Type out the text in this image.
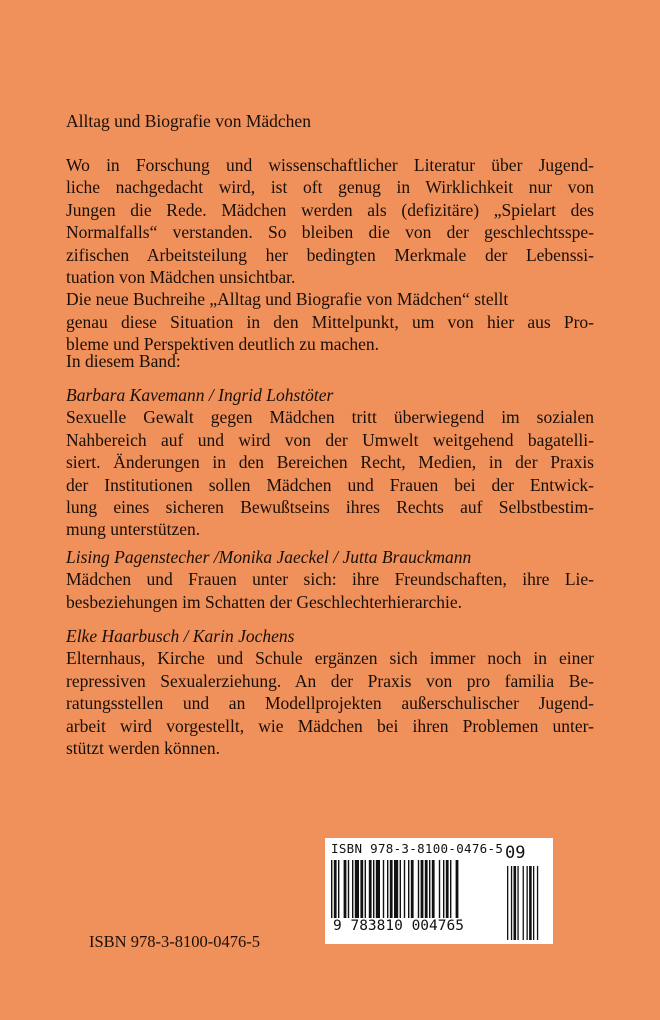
Alltag und Biografie von Mädchen
Wo in Forschung und wissenschaftlicher Literatur über Jugend-
liche nachgedacht wird, ist oft genug in Wirklichkeit nur von
Jungen die Rede. Mädchen werden als (defizitäre) „Spielart des
Normalfalls“ verstanden. So bleiben die von der geschlechtsspe-
zifischen Arbeitsteilung her bedingten Merkmale der Lebenssi-
tuation von Mädchen unsichtbar.
Die neue Buchreihe „Alltag und Biografie von Mädchen“ stellt
genau diese Situation in den Mittelpunkt, um von hier aus Pro-
bleme und Perspektiven deutlich zu machen.
In diesem Band:
Barbara Kavemann / Ingrid Lohstöter
Sexuelle Gewalt gegen Mädchen tritt überwiegend im sozialen
Nahbereich auf und wird von der Umwelt weitgehend bagatelli-
siert. Änderungen in den Bereichen Recht, Medien, in der Praxis
der Institutionen sollen Mädchen und Frauen bei der Entwick-
lung eines sicheren Bewußtseins ihres Rechts auf Selbstbestim-
mung unterstützen.
Lising Pagenstecher /Monika Jaeckel / Jutta Brauckmann
Mädchen und Frauen unter sich: ihre Freundschaften, ihre Lie-
besbeziehungen im Schatten der Geschlechterhierarchie.
Elke Haarbusch / Karin Jochens
Elternhaus, Kirche und Schule ergänzen sich immer noch in einer
repressiven Sexualerziehung. An der Praxis von pro familia Be-
ratungsstellen und an Modellprojekten außerschulischer Jugend-
arbeit wird vorgestellt, wie Mädchen bei ihren Problemen unter-
stützt werden können.
ISBN 978-3-8100-0476-5 09
9 783810 004765
ISBN 978-3-8100-0476-5
